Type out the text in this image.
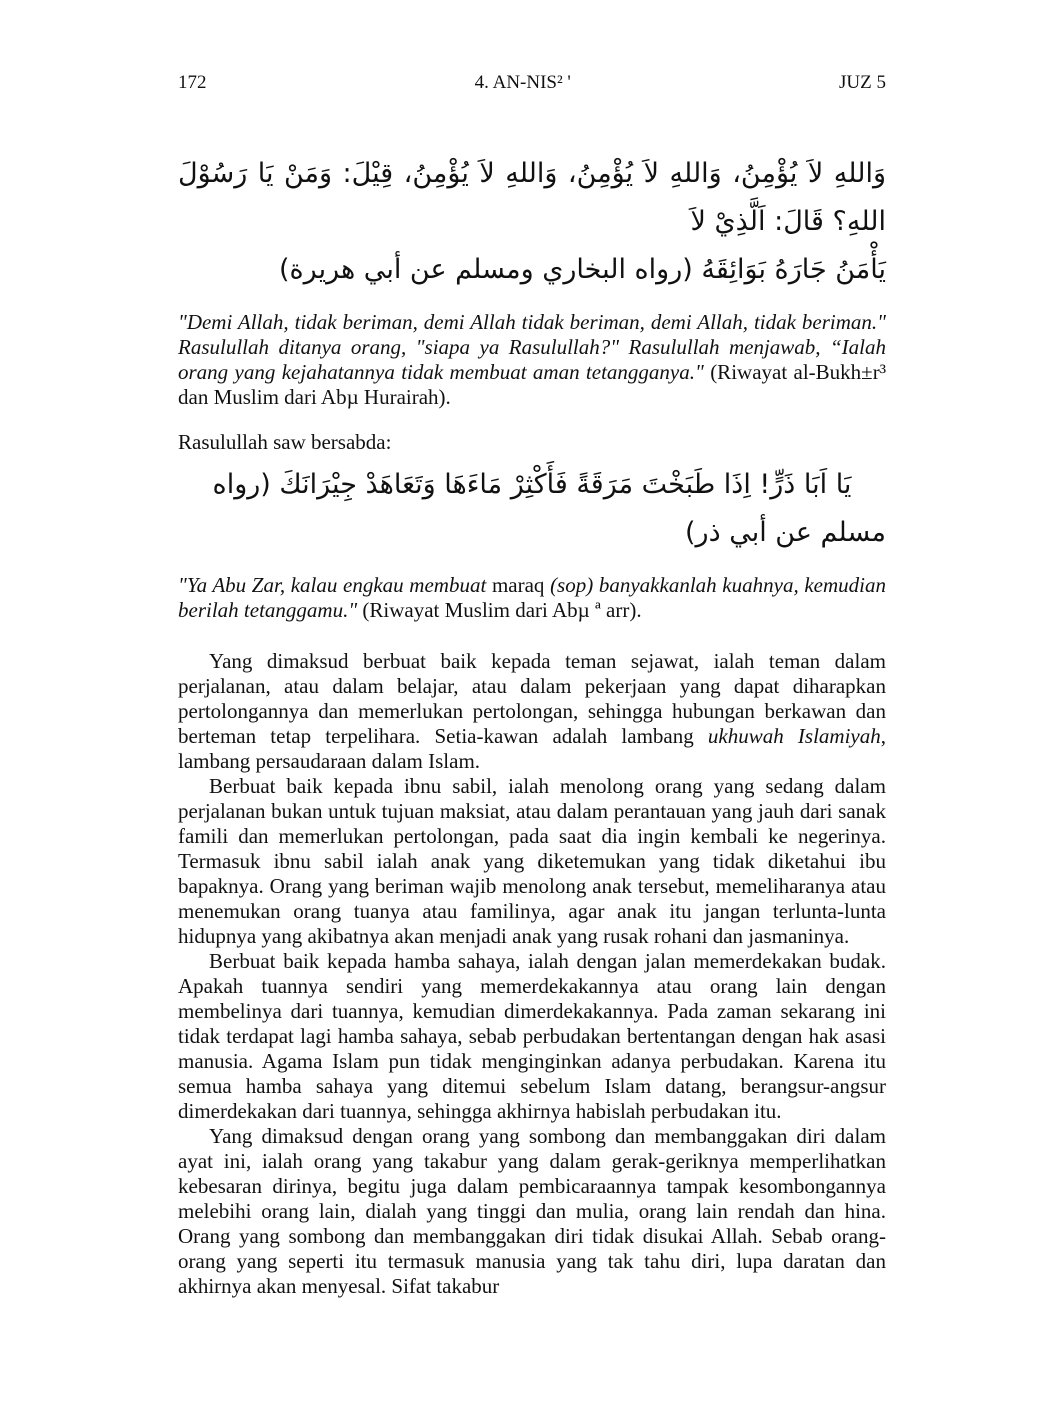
172	4. AN-NIS² '	JUZ 5
وَاللهِ لاَ يُؤْمِنُ، وَاللهِ لاَ يُؤْمِنُ، وَاللهِ لاَ يُؤْمِنُ، قِيْلَ: وَمَنْ يَا رَسُوْلَ اللهِ؟ قَالَ: اَلَّذِيْ لاَ
يَأْمَنُ جَارَهُ بَوَائِقَهُ (رواه البخاري ومسلم عن أبي هريرة)

"Demi Allah, tidak beriman, demi Allah tidak beriman, demi Allah, tidak beriman." Rasulullah ditanya orang, "siapa ya Rasulullah?" Rasulullah menjawab, “Ialah orang yang kejahatannya tidak membuat aman tetangganya." (Riwayat al-Bukh±r³ dan Muslim dari Abµ Hurairah).

Rasulullah saw bersabda:

يَا اَبَا ذَرٍّ! اِذَا طَبَخْتَ مَرَقَةً فَأَكْثِرْ مَاءَهَا وَتَعَاهَدْ جِيْرَانَكَ (رواه مسلم عن أبي ذر)

"Ya Abu Zar, kalau engkau membuat maraq (sop) banyakkanlah kuahnya, kemudian berilah tetanggamu." (Riwayat Muslim dari Abµ ª arr).

Yang dimaksud berbuat baik kepada teman sejawat, ialah teman dalam perjalanan, atau dalam belajar, atau dalam pekerjaan yang dapat diharapkan pertolongannya dan memerlukan pertolongan, sehingga hubungan berkawan dan berteman tetap terpelihara. Setia-kawan adalah lambang ukhuwah Islamiyah, lambang persaudaraan dalam Islam.

Berbuat baik kepada ibnu sabil, ialah menolong orang yang sedang dalam perjalanan bukan untuk tujuan maksiat, atau dalam perantauan yang jauh dari sanak famili dan memerlukan pertolongan, pada saat dia ingin kembali ke negerinya. Termasuk ibnu sabil ialah anak yang diketemukan yang tidak diketahui ibu bapaknya. Orang yang beriman wajib menolong anak tersebut, memeliharanya atau menemukan orang tuanya atau familinya, agar anak itu jangan terlunta-lunta hidupnya yang akibatnya akan menjadi anak yang rusak rohani dan jasmaninya.

Berbuat baik kepada hamba sahaya, ialah dengan jalan memerdekakan budak. Apakah tuannya sendiri yang memerdekakannya atau orang lain dengan membelinya dari tuannya, kemudian dimerdekakannya. Pada zaman sekarang ini tidak terdapat lagi hamba sahaya, sebab perbudakan bertentangan dengan hak asasi manusia. Agama Islam pun tidak menginginkan adanya perbudakan. Karena itu semua hamba sahaya yang ditemui sebelum Islam datang, berangsur-angsur dimerdekakan dari tuannya, sehingga akhirnya habislah perbudakan itu.

Yang dimaksud dengan orang yang sombong dan membanggakan diri dalam ayat ini, ialah orang yang takabur yang dalam gerak-geriknya memperlihatkan kebesaran dirinya, begitu juga dalam pembicaraannya tampak kesombongannya melebihi orang lain, dialah yang tinggi dan mulia, orang lain rendah dan hina. Orang yang sombong dan membanggakan diri tidak disukai Allah. Sebab orang-orang yang seperti itu termasuk manusia yang tak tahu diri, lupa daratan dan akhirnya akan menyesal. Sifat takabur
